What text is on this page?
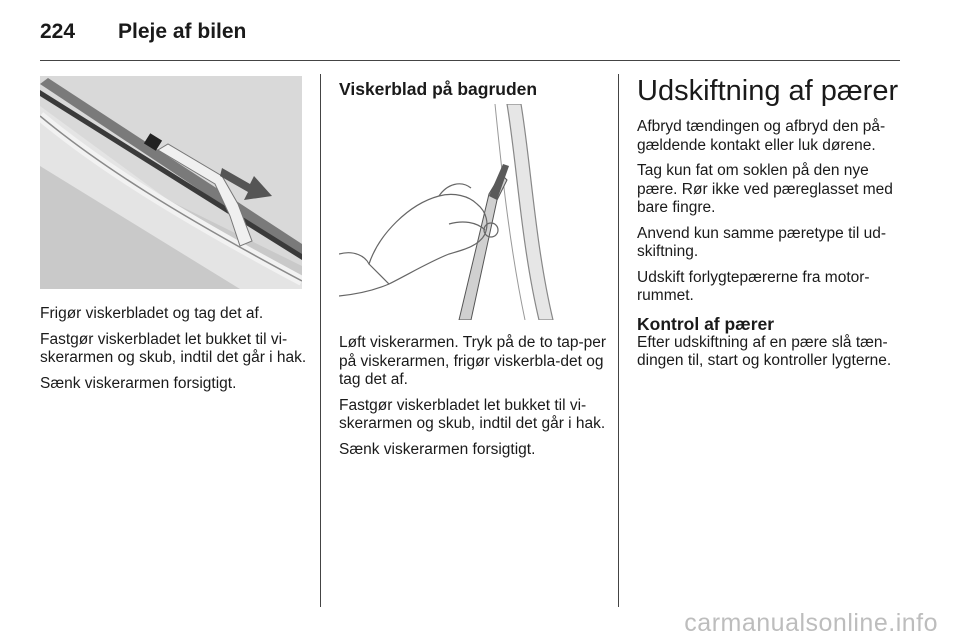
224 Pleje af bilen

Frigør viskerbladet og tag det af.

Fastgør viskerbladet let bukket til vi-skerarmen og skub, indtil det går i hak.

Sænk viskerarmen forsigtigt.

Viskerblad på bagruden

Løft viskerarmen. Tryk på de to tap-per på viskerarmen, frigør viskerbla-det og tag det af.

Fastgør viskerbladet let bukket til vi-skerarmen og skub, indtil det går i hak.

Sænk viskerarmen forsigtigt.

Udskiftning af pærer

Afbryd tændingen og afbryd den på-gældende kontakt eller luk dørene.

Tag kun fat om soklen på den nye pære. Rør ikke ved pæreglasset med bare fingre.

Anvend kun samme pæretype til ud-skiftning.

Udskift forlygtepærerne fra motor-rummet.

Kontrol af pærer

Efter udskiftning af en pære slå tæn-dingen til, start og kontroller lygterne.

carmanualsonline.info
